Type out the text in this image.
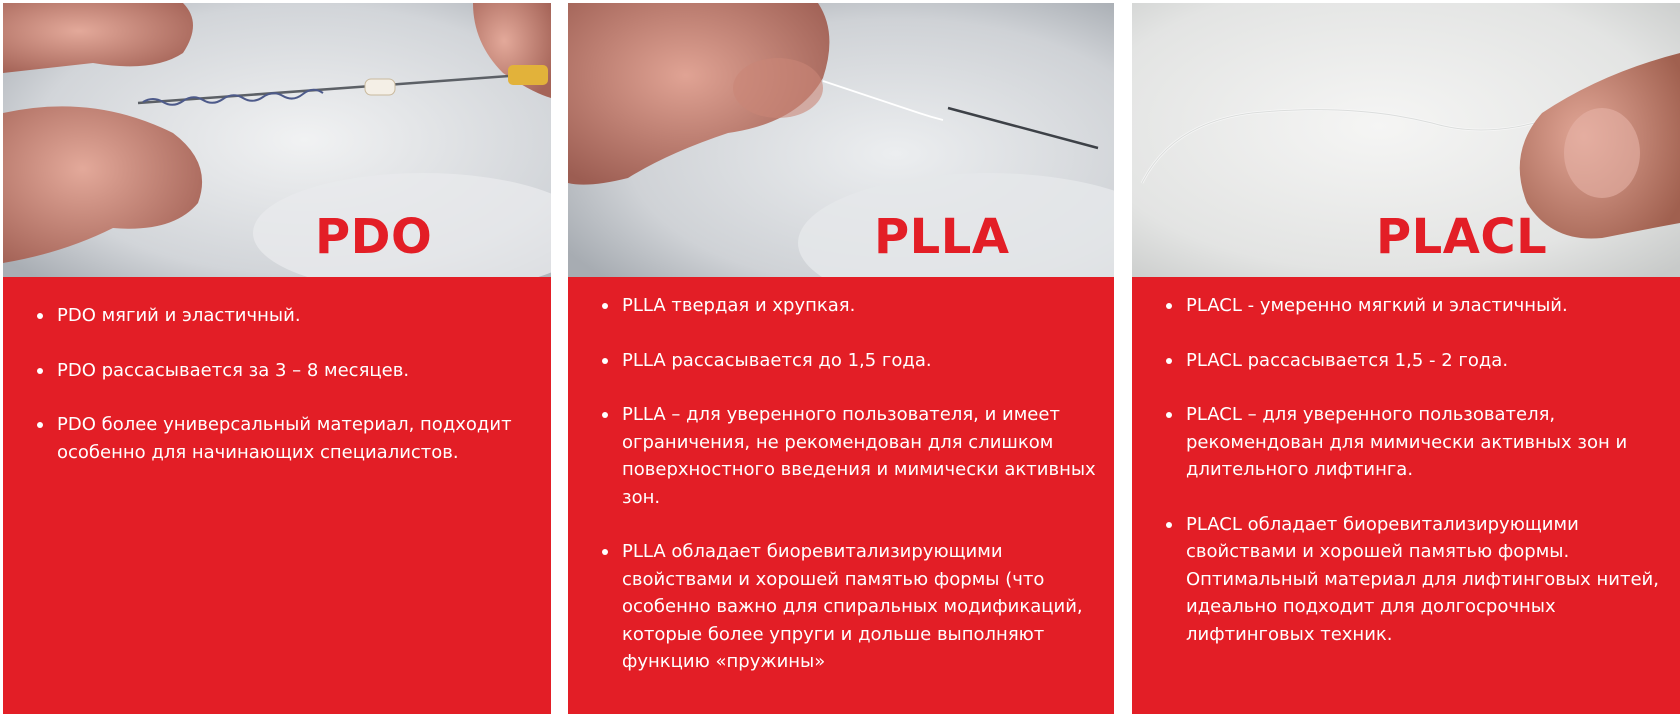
PDO
PDO мягий и эластичный.
PDO рассасывается за 3 – 8 месяцев.
PDO более универсальный материал, подходит особенно для начинающих специалистов.
PLLA
PLLA твердая и хрупкая.
PLLA рассасывается до 1,5 года.
PLLA – для уверенного пользователя, и имеет ограничения, не рекомендован для слишком поверхностного введения и мимически активных зон.
PLLA обладает биоревитализирующими свойствами и хорошей памятью формы (что особенно важно для спиральных модификаций, которые более упруги и дольше выполняют функцию «пружины»
PLACL
PLACL - умеренно мягкий и эластичный.
PLACL рассасывается 1,5 - 2 года.
PLACL – для уверенного пользователя, рекомендован для мимически активных зон и длительного лифтинга.
PLACL обладает биоревитализирующими свойствами и хорошей памятью формы. Оптимальный материал для лифтинговых нитей, идеально подходит для долгосрочных лифтинговых техник.
